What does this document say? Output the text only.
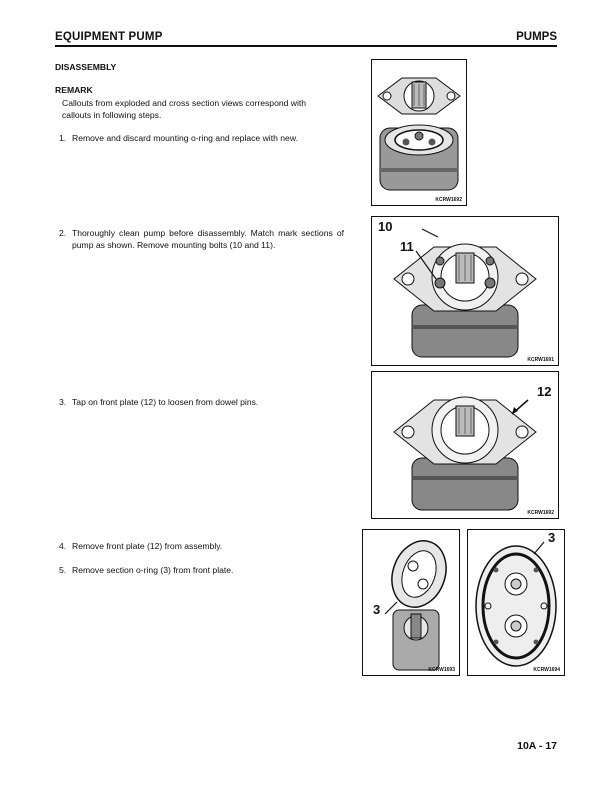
EQUIPMENT PUMP	PUMPS
DISASSEMBLY
REMARK
Callouts from exploded and cross section views correspond with
callouts in following steps.
1. Remove and discard mounting o-ring and replace with new.
2. Thoroughly clean pump before disassembly. Match mark sections of pump as shown. Remove mounting bolts (10 and 11).
3. Tap on front plate (12) to loosen from dowel pins.
4. Remove front plate (12) from assembly.
5. Remove section o-ring (3) from front plate.
KCRW1692
10
11
KCRW1691
12
KCRW1692
3
KCRW1693
3
KCRW1694
10A - 17
